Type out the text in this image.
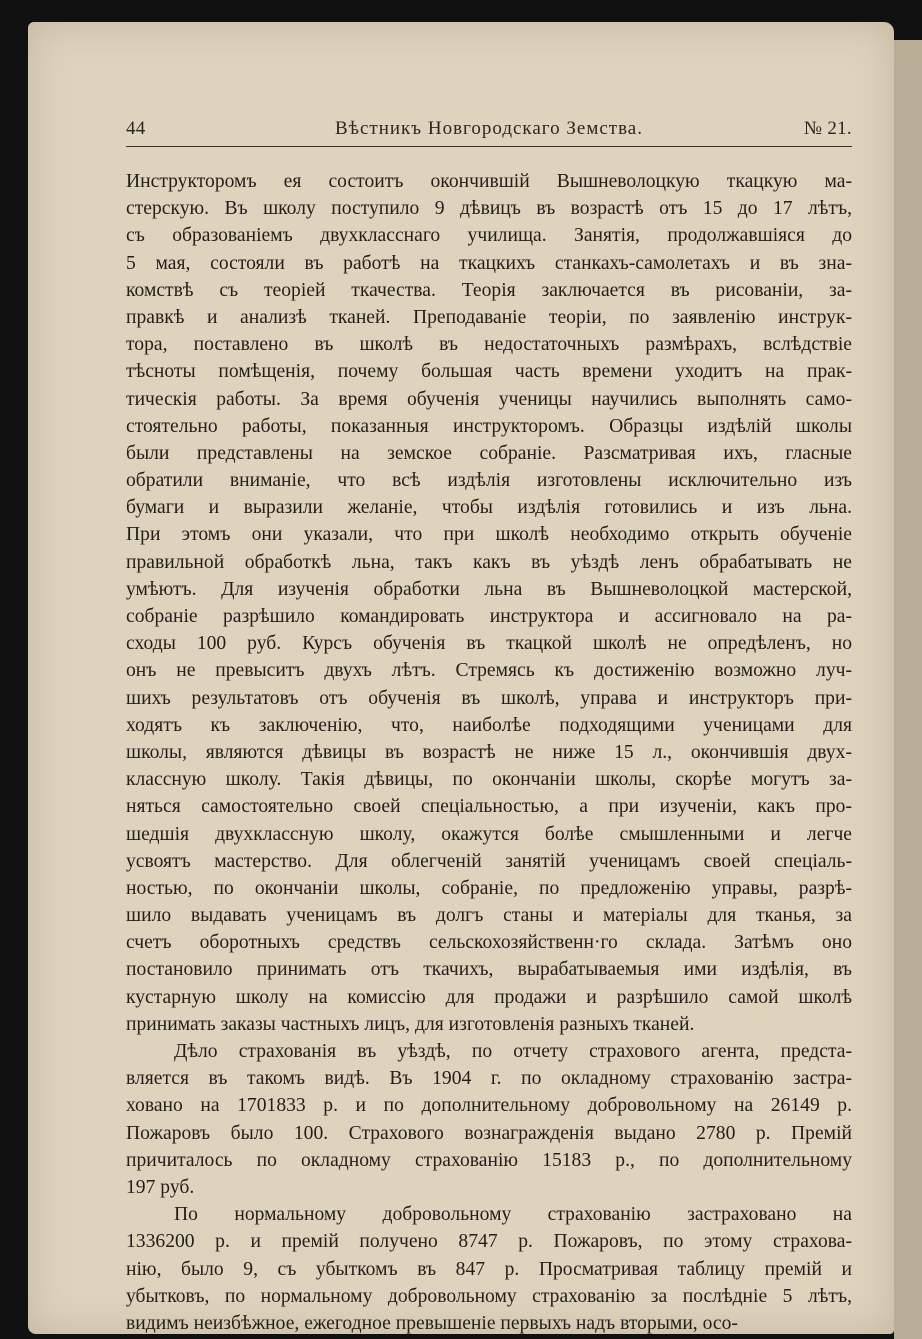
44	Вѣстникъ Новгородскаго Земства.	№ 21.
Инструкторомъ ея состоитъ окончившій Вышневолоцкую ткацкую ма-
стерскую. Въ школу поступило 9 дѣвицъ въ возрастѣ отъ 15 до 17 лѣтъ,
съ образованіемъ двухкласснаго училища. Занятія, продолжавшіяся до
5 мая, состояли въ работѣ на ткацкихъ станкахъ-самолетахъ и въ зна-
комствѣ съ теоріей ткачества. Теорія заключается въ рисованіи, за-
правкѣ и анализѣ тканей. Преподаваніе теоріи, по заявленію инструк-
тора, поставлено въ школѣ въ недостаточныхъ размѣрахъ, вслѣдствіе
тѣсноты помѣщенія, почему большая часть времени уходитъ на прак-
тическія работы. За время обученія ученицы научились выполнять само-
стоятельно работы, показанныя инструкторомъ. Образцы издѣлій школы
были представлены на земское собраніе. Разсматривая ихъ, гласные
обратили вниманіе, что всѣ издѣлія изготовлены исключительно изъ
бумаги и выразили желаніе, чтобы издѣлія готовились и изъ льна.
При этомъ они указали, что при школѣ необходимо открыть обученіе
правильной обработкѣ льна, такъ какъ въ уѣздѣ ленъ обрабатывать не
умѣютъ. Для изученія обработки льна въ Вышневолоцкой мастерской,
собраніе разрѣшило командировать инструктора и ассигновало на ра-
сходы 100 руб. Курсъ обученія въ ткацкой школѣ не опредѣленъ, но
онъ не превыситъ двухъ лѣтъ. Стремясь къ достиженію возможно луч-
шихъ результатовъ отъ обученія въ школѣ, управа и инструкторъ при-
ходятъ къ заключенію, что, наиболѣе подходящими ученицами для
школы, являются дѣвицы въ возрастѣ не ниже 15 л., окончившія двух-
классную школу. Такія дѣвицы, по окончаніи школы, скорѣе могутъ за-
няться самостоятельно своей спеціальностью, а при изученіи, какъ про-
шедшія двухклассную школу, окажутся болѣе смышленными и легче
усвоятъ мастерство. Для облегченій занятій ученицамъ своей спеціаль-
ностью, по окончаніи школы, собраніе, по предложенію управы, разрѣ-
шило выдавать ученицамъ въ долгъ станы и матеріалы для тканья, за
счетъ оборотныхъ средствъ сельскохозяйственн·го склада. Затѣмъ оно
постановило принимать отъ ткачихъ, вырабатываемыя ими издѣлія, въ
кустарную школу на комиссію для продажи и разрѣшило самой школѣ
принимать заказы частныхъ лицъ, для изготовленія разныхъ тканей.
Дѣло страхованія въ уѣздѣ, по отчету страхового агента, предста-
вляется въ такомъ видѣ. Въ 1904 г. по окладному страхованію застра-
ховано на 1701833 р. и по дополнительному добровольному на 26149 р.
Пожаровъ было 100. Страхового вознагражденія выдано 2780 р. Премій
причиталось по окладному страхованію 15183 р., по дополнительному
197 руб.
По нормальному добровольному страхованію застраховано на
1336200 р. и премій получено 8747 р. Пожаровъ, по этому страхова-
нію, было 9, съ убыткомъ въ 847 р. Просматривая таблицу премій и
убытковъ, по нормальному добровольному страхованію за послѣдніе 5 лѣтъ,
видимъ неизбѣжное, ежегодное превышеніе первыхъ надъ вторыми, осо-
